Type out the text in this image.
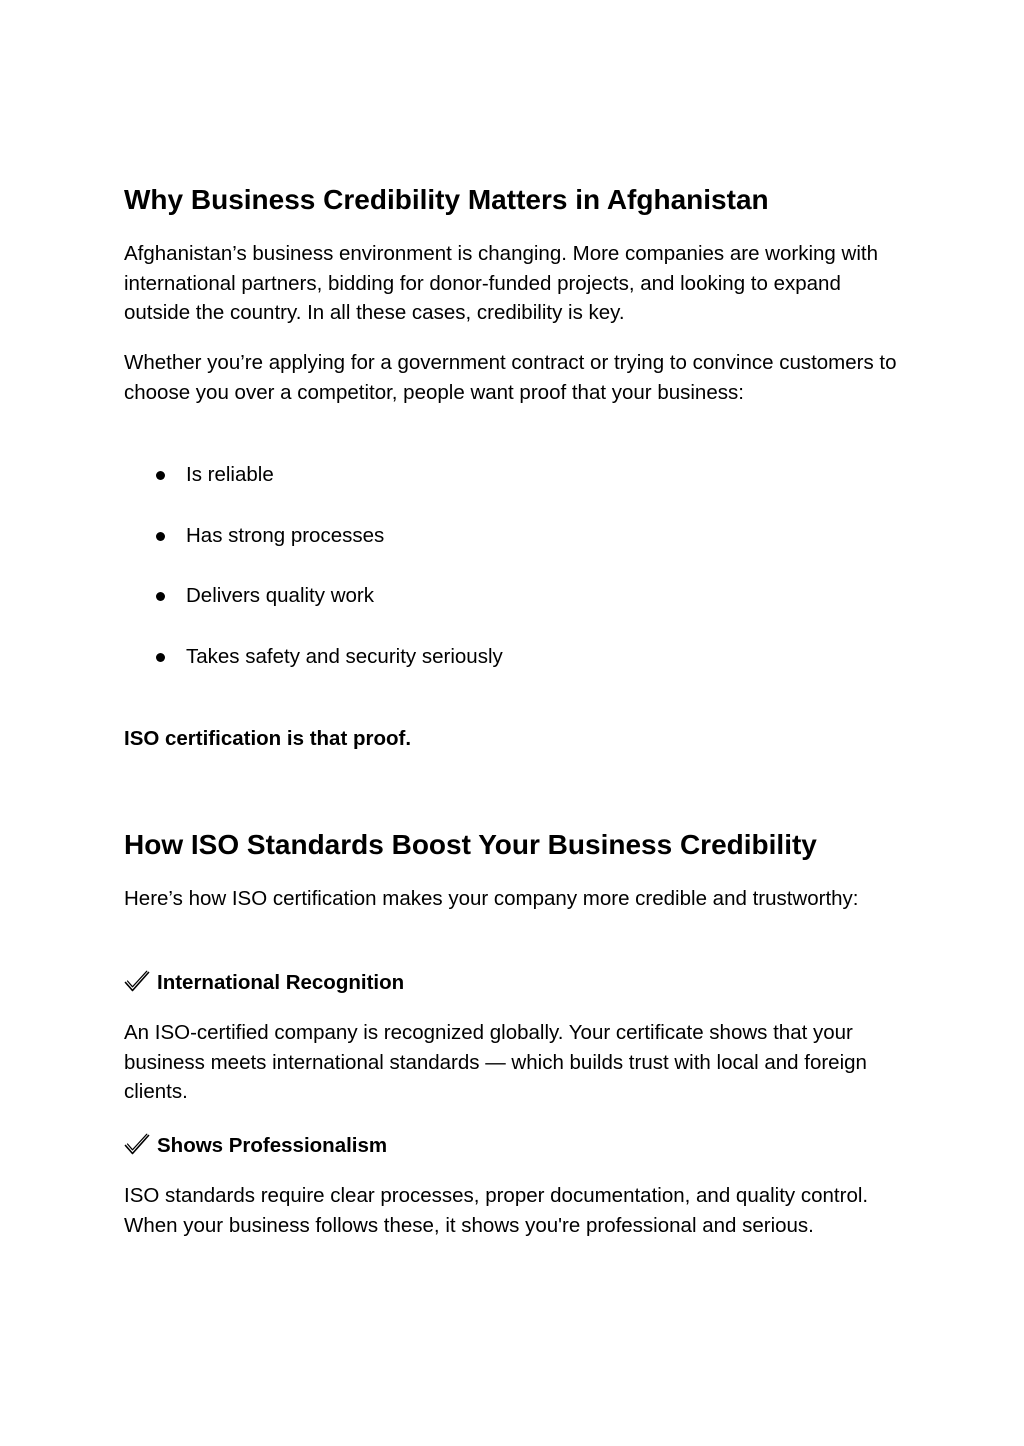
Why Business Credibility Matters in Afghanistan

Afghanistan’s business environment is changing. More companies are working with international partners, bidding for donor-funded projects, and looking to expand outside the country. In all these cases, credibility is key.

Whether you’re applying for a government contract or trying to convince customers to choose you over a competitor, people want proof that your business:

Is reliable
Has strong processes
Delivers quality work
Takes safety and security seriously

ISO certification is that proof.

How ISO Standards Boost Your Business Credibility

Here’s how ISO certification makes your company more credible and trustworthy:

International Recognition

An ISO-certified company is recognized globally. Your certificate shows that your business meets international standards — which builds trust with local and foreign clients.

Shows Professionalism

ISO standards require clear processes, proper documentation, and quality control. When your business follows these, it shows you're professional and serious.
